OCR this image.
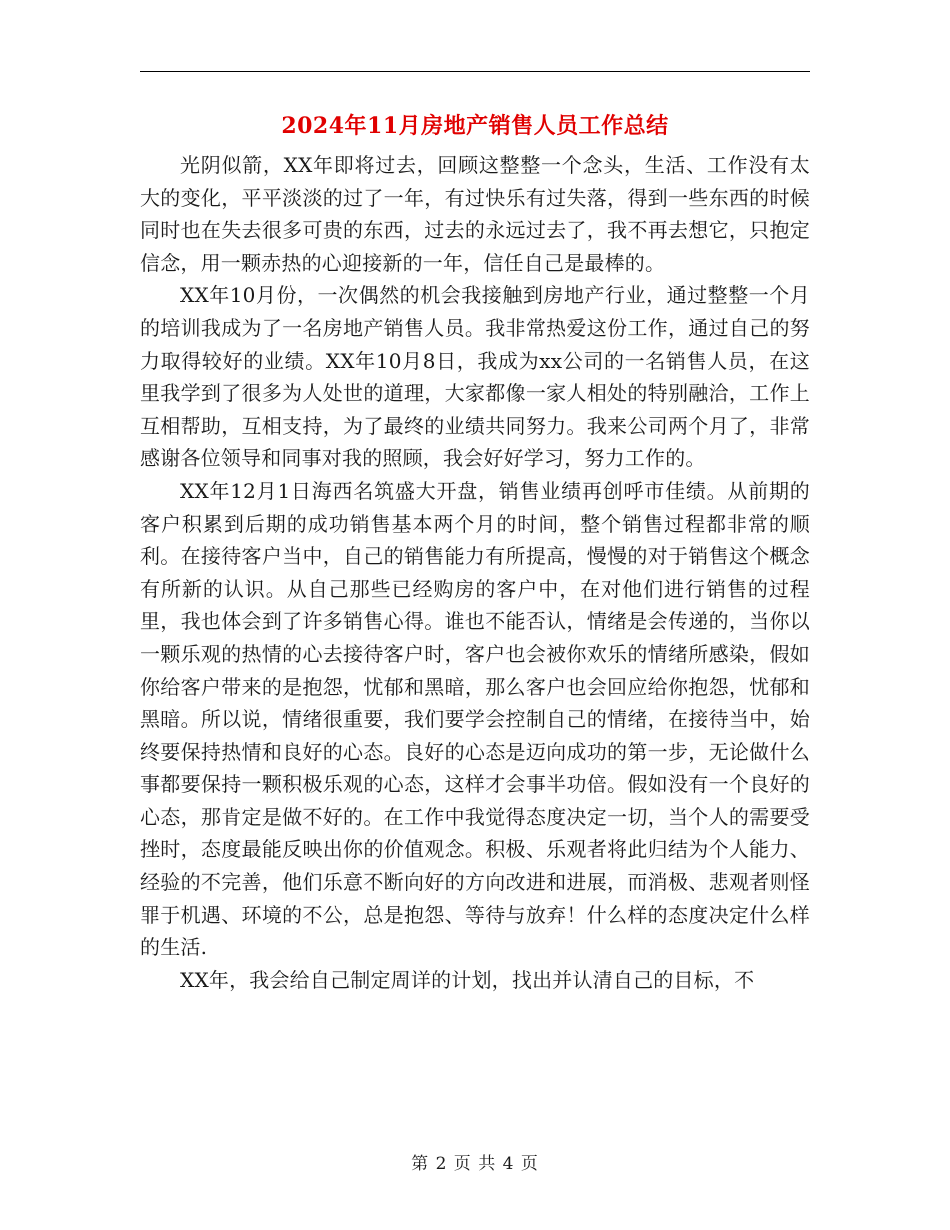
2024年11月房地产销售人员工作总结

光阴似箭，XX年即将过去，回顾这整整一个念头，生活、工作没有太大的变化，平平淡淡的过了一年，有过快乐有过失落，得到一些东西的时候同时也在失去很多可贵的东西，过去的永远过去了，我不再去想它，只抱定信念，用一颗赤热的心迎接新的一年，信任自己是最棒的。

XX年10月份，一次偶然的机会我接触到房地产行业，通过整整一个月的培训我成为了一名房地产销售人员。我非常热爱这份工作，通过自己的努力取得较好的业绩。XX年10月8日，我成为xx公司的一名销售人员，在这里我学到了很多为人处世的道理，大家都像一家人相处的特别融洽，工作上互相帮助，互相支持，为了最终的业绩共同努力。我来公司两个月了，非常感谢各位领导和同事对我的照顾，我会好好学习，努力工作的。

XX年12月1日海西名筑盛大开盘，销售业绩再创呼市佳绩。从前期的客户积累到后期的成功销售基本两个月的时间，整个销售过程都非常的顺利。在接待客户当中，自己的销售能力有所提高，慢慢的对于销售这个概念有所新的认识。从自己那些已经购房的客户中，在对他们进行销售的过程里，我也体会到了许多销售心得。谁也不能否认，情绪是会传递的，当你以一颗乐观的热情的心去接待客户时，客户也会被你欢乐的情绪所感染，假如你给客户带来的是抱怨，忧郁和黑暗，那么客户也会回应给你抱怨，忧郁和黑暗。所以说，情绪很重要，我们要学会控制自己的情绪，在接待当中，始终要保持热情和良好的心态。良好的心态是迈向成功的第一步，无论做什么事都要保持一颗积极乐观的心态，这样才会事半功倍。假如没有一个良好的心态，那肯定是做不好的。在工作中我觉得态度决定一切，当个人的需要受挫时，态度最能反映出你的价值观念。积极、乐观者将此归结为个人能力、经验的不完善，他们乐意不断向好的方向改进和进展，而消极、悲观者则怪罪于机遇、环境的不公，总是抱怨、等待与放弃！什么样的态度决定什么样的生活.

XX年，我会给自己制定周详的计划，找出并认清自己的目标，不

第 2 页 共 4 页
